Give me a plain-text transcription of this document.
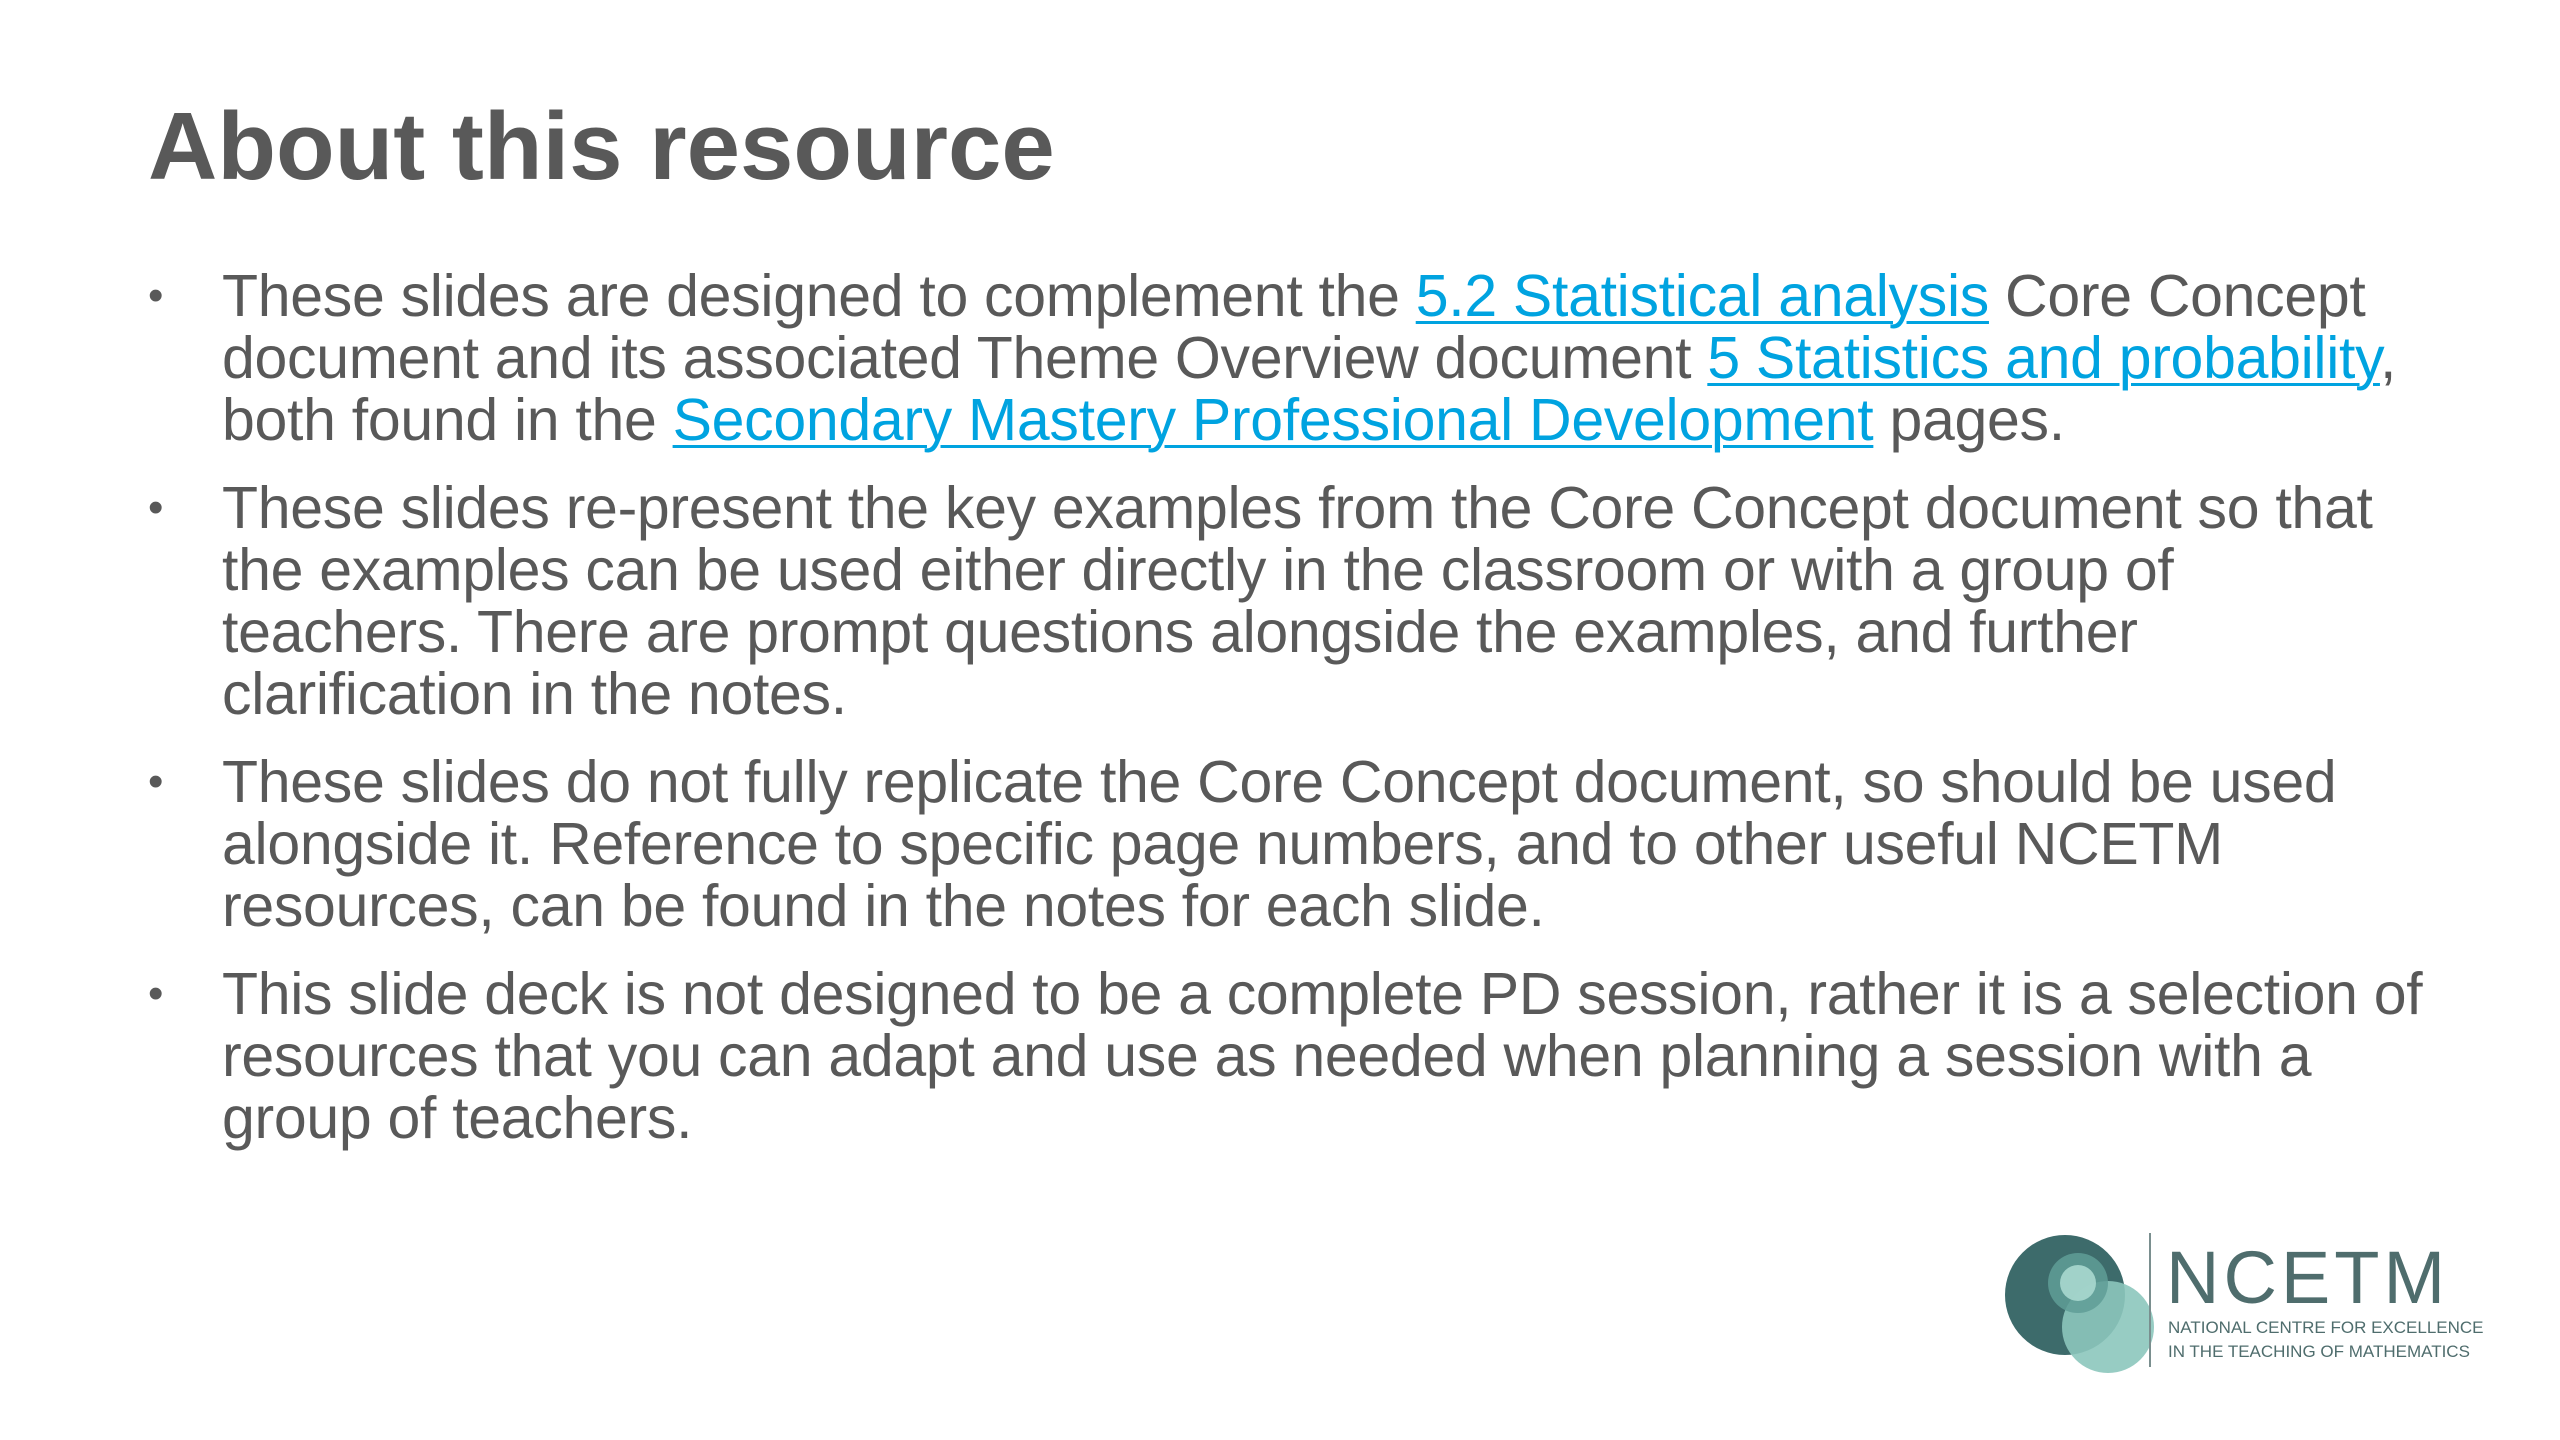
About this resource
• These slides are designed to complement the 5.2 Statistical analysis Core Concept document and its associated Theme Overview document 5 Statistics and probability, both found in the Secondary Mastery Professional Development pages.
• These slides re-present the key examples from the Core Concept document so that the examples can be used either directly in the classroom or with a group of teachers. There are prompt questions alongside the examples, and further clarification in the notes.
• These slides do not fully replicate the Core Concept document, so should be used alongside it. Reference to specific page numbers, and to other useful NCETM resources, can be found in the notes for each slide.
• This slide deck is not designed to be a complete PD session, rather it is a selection of resources that you can adapt and use as needed when planning a session with a group of teachers.
NCETM
NATIONAL CENTRE FOR EXCELLENCE
IN THE TEACHING OF MATHEMATICS
